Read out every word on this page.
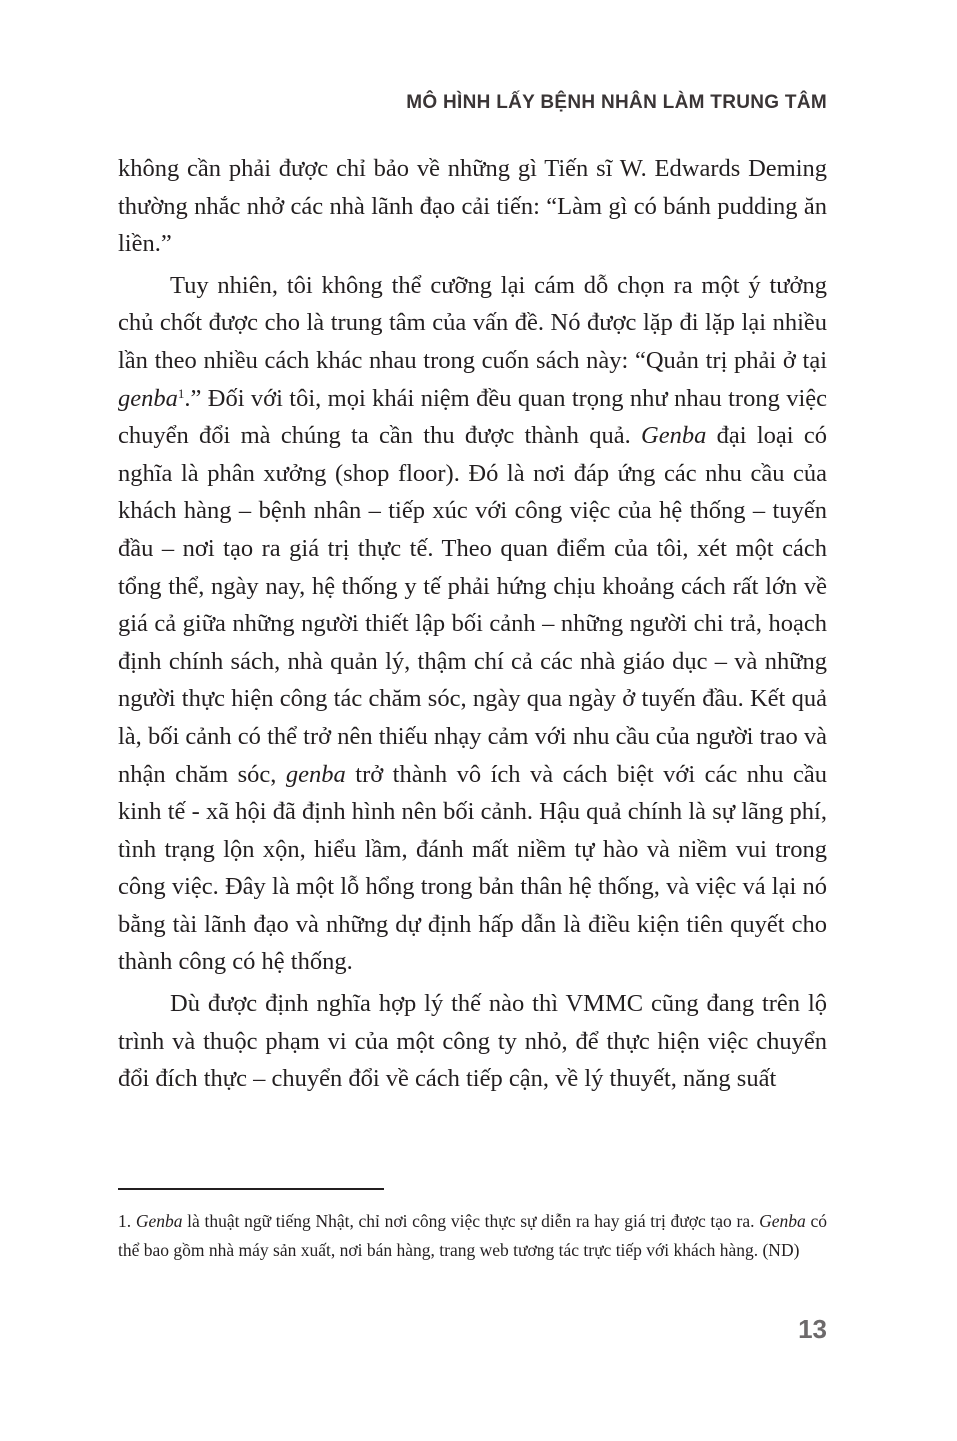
MÔ HÌNH LẤY BỆNH NHÂN LÀM TRUNG TÂM

không cần phải được chỉ bảo về những gì Tiến sĩ W. Edwards Deming thường nhắc nhở các nhà lãnh đạo cải tiến: “Làm gì có bánh pudding ăn liền.”

Tuy nhiên, tôi không thể cưỡng lại cám dỗ chọn ra một ý tưởng chủ chốt được cho là trung tâm của vấn đề. Nó được lặp đi lặp lại nhiều lần theo nhiều cách khác nhau trong cuốn sách này: “Quản trị phải ở tại genba$^1$.” Đối với tôi, mọi khái niệm đều quan trọng như nhau trong việc chuyển đổi mà chúng ta cần thu được thành quả. Genba đại loại có nghĩa là phân xưởng (shop floor). Đó là nơi đáp ứng các nhu cầu của khách hàng – bệnh nhân – tiếp xúc với công việc của hệ thống – tuyến đầu – nơi tạo ra giá trị thực tế. Theo quan điểm của tôi, xét một cách tổng thể, ngày nay, hệ thống y tế phải hứng chịu khoảng cách rất lớn về giá cả giữa những người thiết lập bối cảnh – những người chi trả, hoạch định chính sách, nhà quản lý, thậm chí cả các nhà giáo dục – và những người thực hiện công tác chăm sóc, ngày qua ngày ở tuyến đầu. Kết quả là, bối cảnh có thể trở nên thiếu nhạy cảm với nhu cầu của người trao và nhận chăm sóc, genba trở thành vô ích và cách biệt với các nhu cầu kinh tế - xã hội đã định hình nên bối cảnh. Hậu quả chính là sự lãng phí, tình trạng lộn xộn, hiểu lầm, đánh mất niềm tự hào và niềm vui trong công việc. Đây là một lỗ hổng trong bản thân hệ thống, và việc vá lại nó bằng tài lãnh đạo và những dự định hấp dẫn là điều kiện tiên quyết cho thành công có hệ thống.

Dù được định nghĩa hợp lý thế nào thì VMMC cũng đang trên lộ trình và thuộc phạm vi của một công ty nhỏ, để thực hiện việc chuyển đổi đích thực – chuyển đổi về cách tiếp cận, về lý thuyết, năng suất

1. Genba là thuật ngữ tiếng Nhật, chỉ nơi công việc thực sự diễn ra hay giá trị được tạo ra. Genba có thể bao gồm nhà máy sản xuất, nơi bán hàng, trang web tương tác trực tiếp với khách hàng. (ND)
13
